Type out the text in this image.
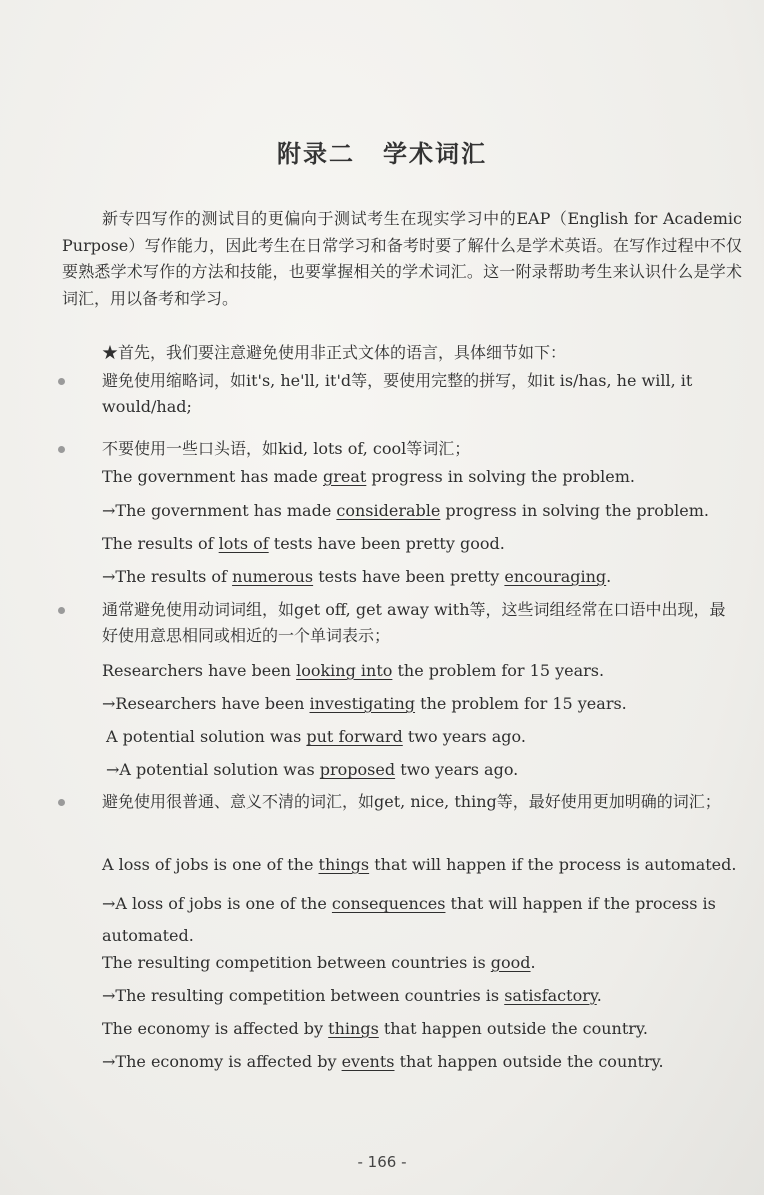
附录二 学术词汇
新专四写作的测试目的更偏向于测试考生在现实学习中的EAP（English for Academic Purpose）写作能力，因此考生在日常学习和备考时要了解什么是学术英语。在写作过程中不仅要熟悉学术写作的方法和技能，也要掌握相关的学术词汇。这一附录帮助考生来认识什么是学术词汇，用以备考和学习。
★首先，我们要注意避免使用非正式文体的语言，具体细节如下：
避免使用缩略词，如it's, he'll, it'd等，要使用完整的拼写，如it is/has, he will, it would/had;
不要使用一些口头语，如kid, lots of, cool等词汇；
The government has made great progress in solving the problem.
→The government has made considerable progress in solving the problem.
The results of lots of tests have been pretty good.
→The results of numerous tests have been pretty encouraging.
通常避免使用动词词组，如get off, get away with等，这些词组经常在口语中出现，最好使用意思相同或相近的一个单词表示；
Researchers have been looking into the problem for 15 years.
→Researchers have been investigating the problem for 15 years.
A potential solution was put forward two years ago.
→A potential solution was proposed two years ago.
避免使用很普通、意义不清的词汇，如get, nice, thing等，最好使用更加明确的词汇；
A loss of jobs is one of the things that will happen if the process is automated.
→A loss of jobs is one of the consequences that will happen if the process is automated.
The resulting competition between countries is good.
→The resulting competition between countries is satisfactory.
The economy is affected by things that happen outside the country.
→The economy is affected by events that happen outside the country.
- 166 -
